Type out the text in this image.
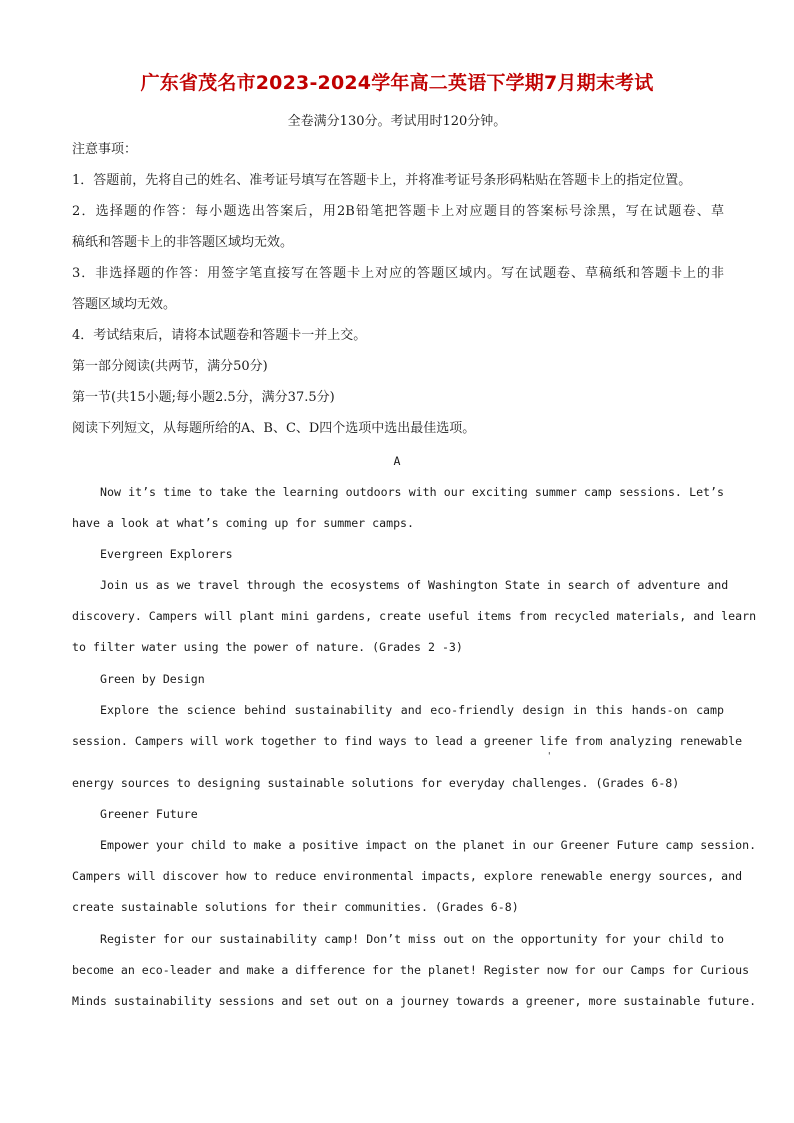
广东省茂名市2023-2024学年高二英语下学期7月期末考试
全卷满分130分。考试用时120分钟。
注意事项：
1．答题前，先将自己的姓名、准考证号填写在答题卡上，并将准考证号条形码粘贴在答题卡上的指定位置。
2．选择题的作答：每小题选出答案后，用2B铅笔把答题卡上对应题目的答案标号涂黑，写在试题卷、草
稿纸和答题卡上的非答题区域均无效。
3．非选择题的作答：用签字笔直接写在答题卡上对应的答题区域内。写在试题卷、草稿纸和答题卡上的非
答题区域均无效。
4．考试结束后，请将本试题卷和答题卡一并上交。
第一部分阅读(共两节，满分50分)
第一节(共15小题;每小题2.5分，满分37.5分)
阅读下列短文，从每题所给的A、B、C、D四个选项中选出最佳选项。
A
Now it’s time to take the learning outdoors with our exciting summer camp sessions. Let’s
have a look at what’s coming up for summer camps.
Evergreen Explorers
Join us as we travel through the ecosystems of Washington State in search of adventure and
discovery. Campers will plant mini gardens, create useful items from recycled materials, and learn
to filter water using the power of nature. (Grades 2 -3)
Green by Design
Explore the science behind sustainability and eco-friendly design in this hands-on camp
session. Campers will work together to find ways to lead a greener life from analyzing renewable
'
energy sources to designing sustainable solutions for everyday challenges. (Grades 6-8)
Greener Future
Empower your child to make a positive impact on the planet in our Greener Future camp session.
Campers will discover how to reduce environmental impacts, explore renewable energy sources, and
create sustainable solutions for their communities. (Grades 6-8)
Register for our sustainability camp! Don’t miss out on the opportunity for your child to
become an eco-leader and make a difference for the planet! Register now for our Camps for Curious
Minds sustainability sessions and set out on a journey towards a greener, more sustainable future.
